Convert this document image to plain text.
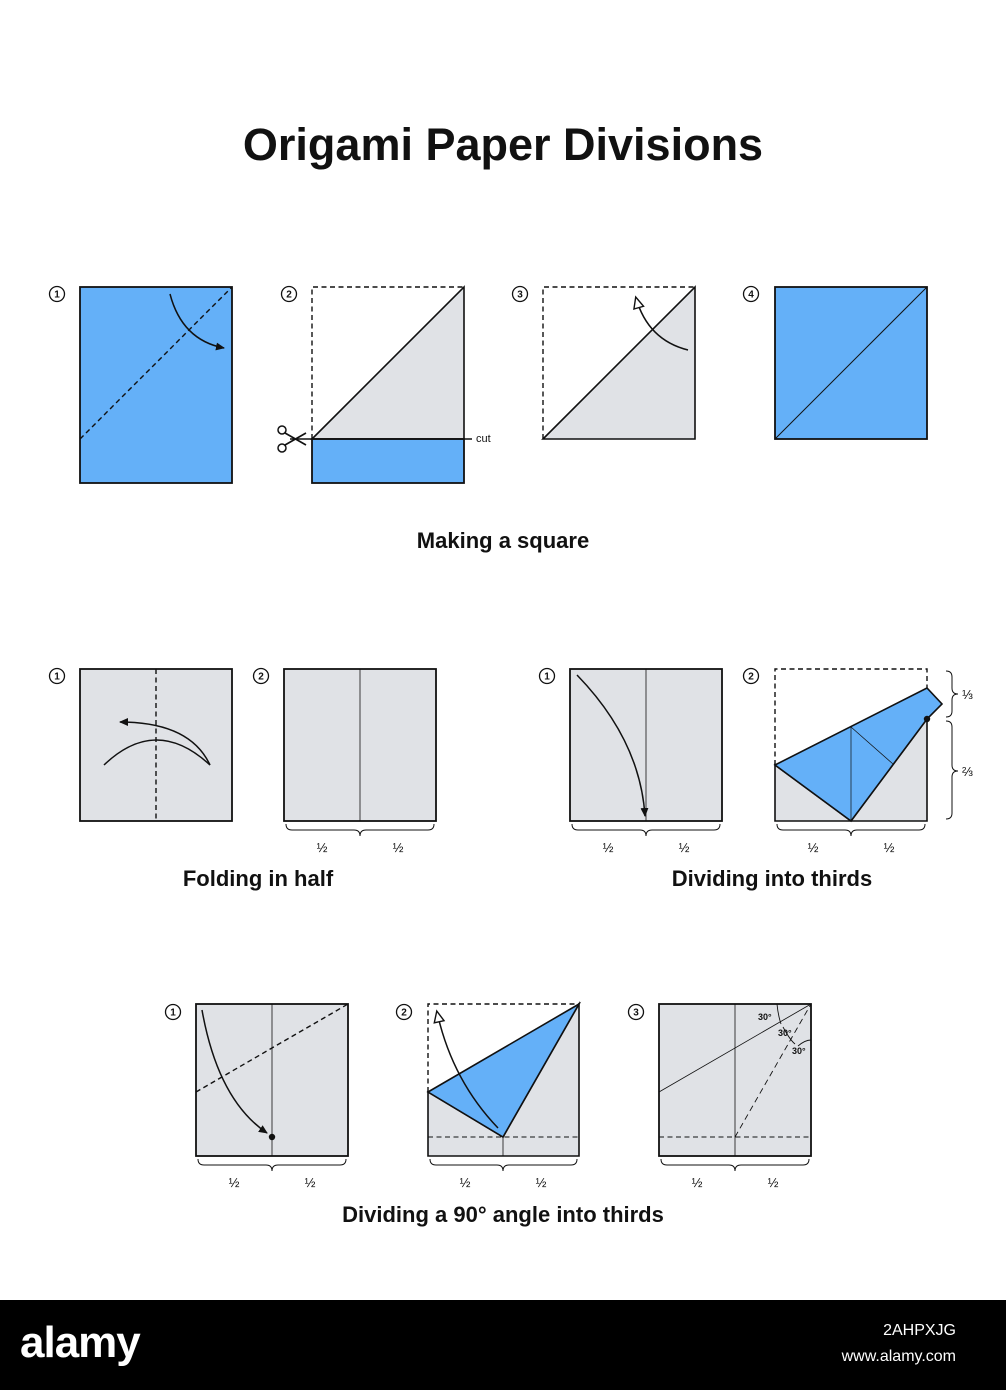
Origami Paper Divisions
1	2
cut
3	4
Making a square
1	2
½	½
Folding in half
1
½	½
2
½	½
⅓
⅔
Dividing into thirds
1
½	½
2
½	½
3	30°
30°
30°
½	½
Dividing a 90° angle into thirds
alamy	2AHPXJG
www.alamy.com
